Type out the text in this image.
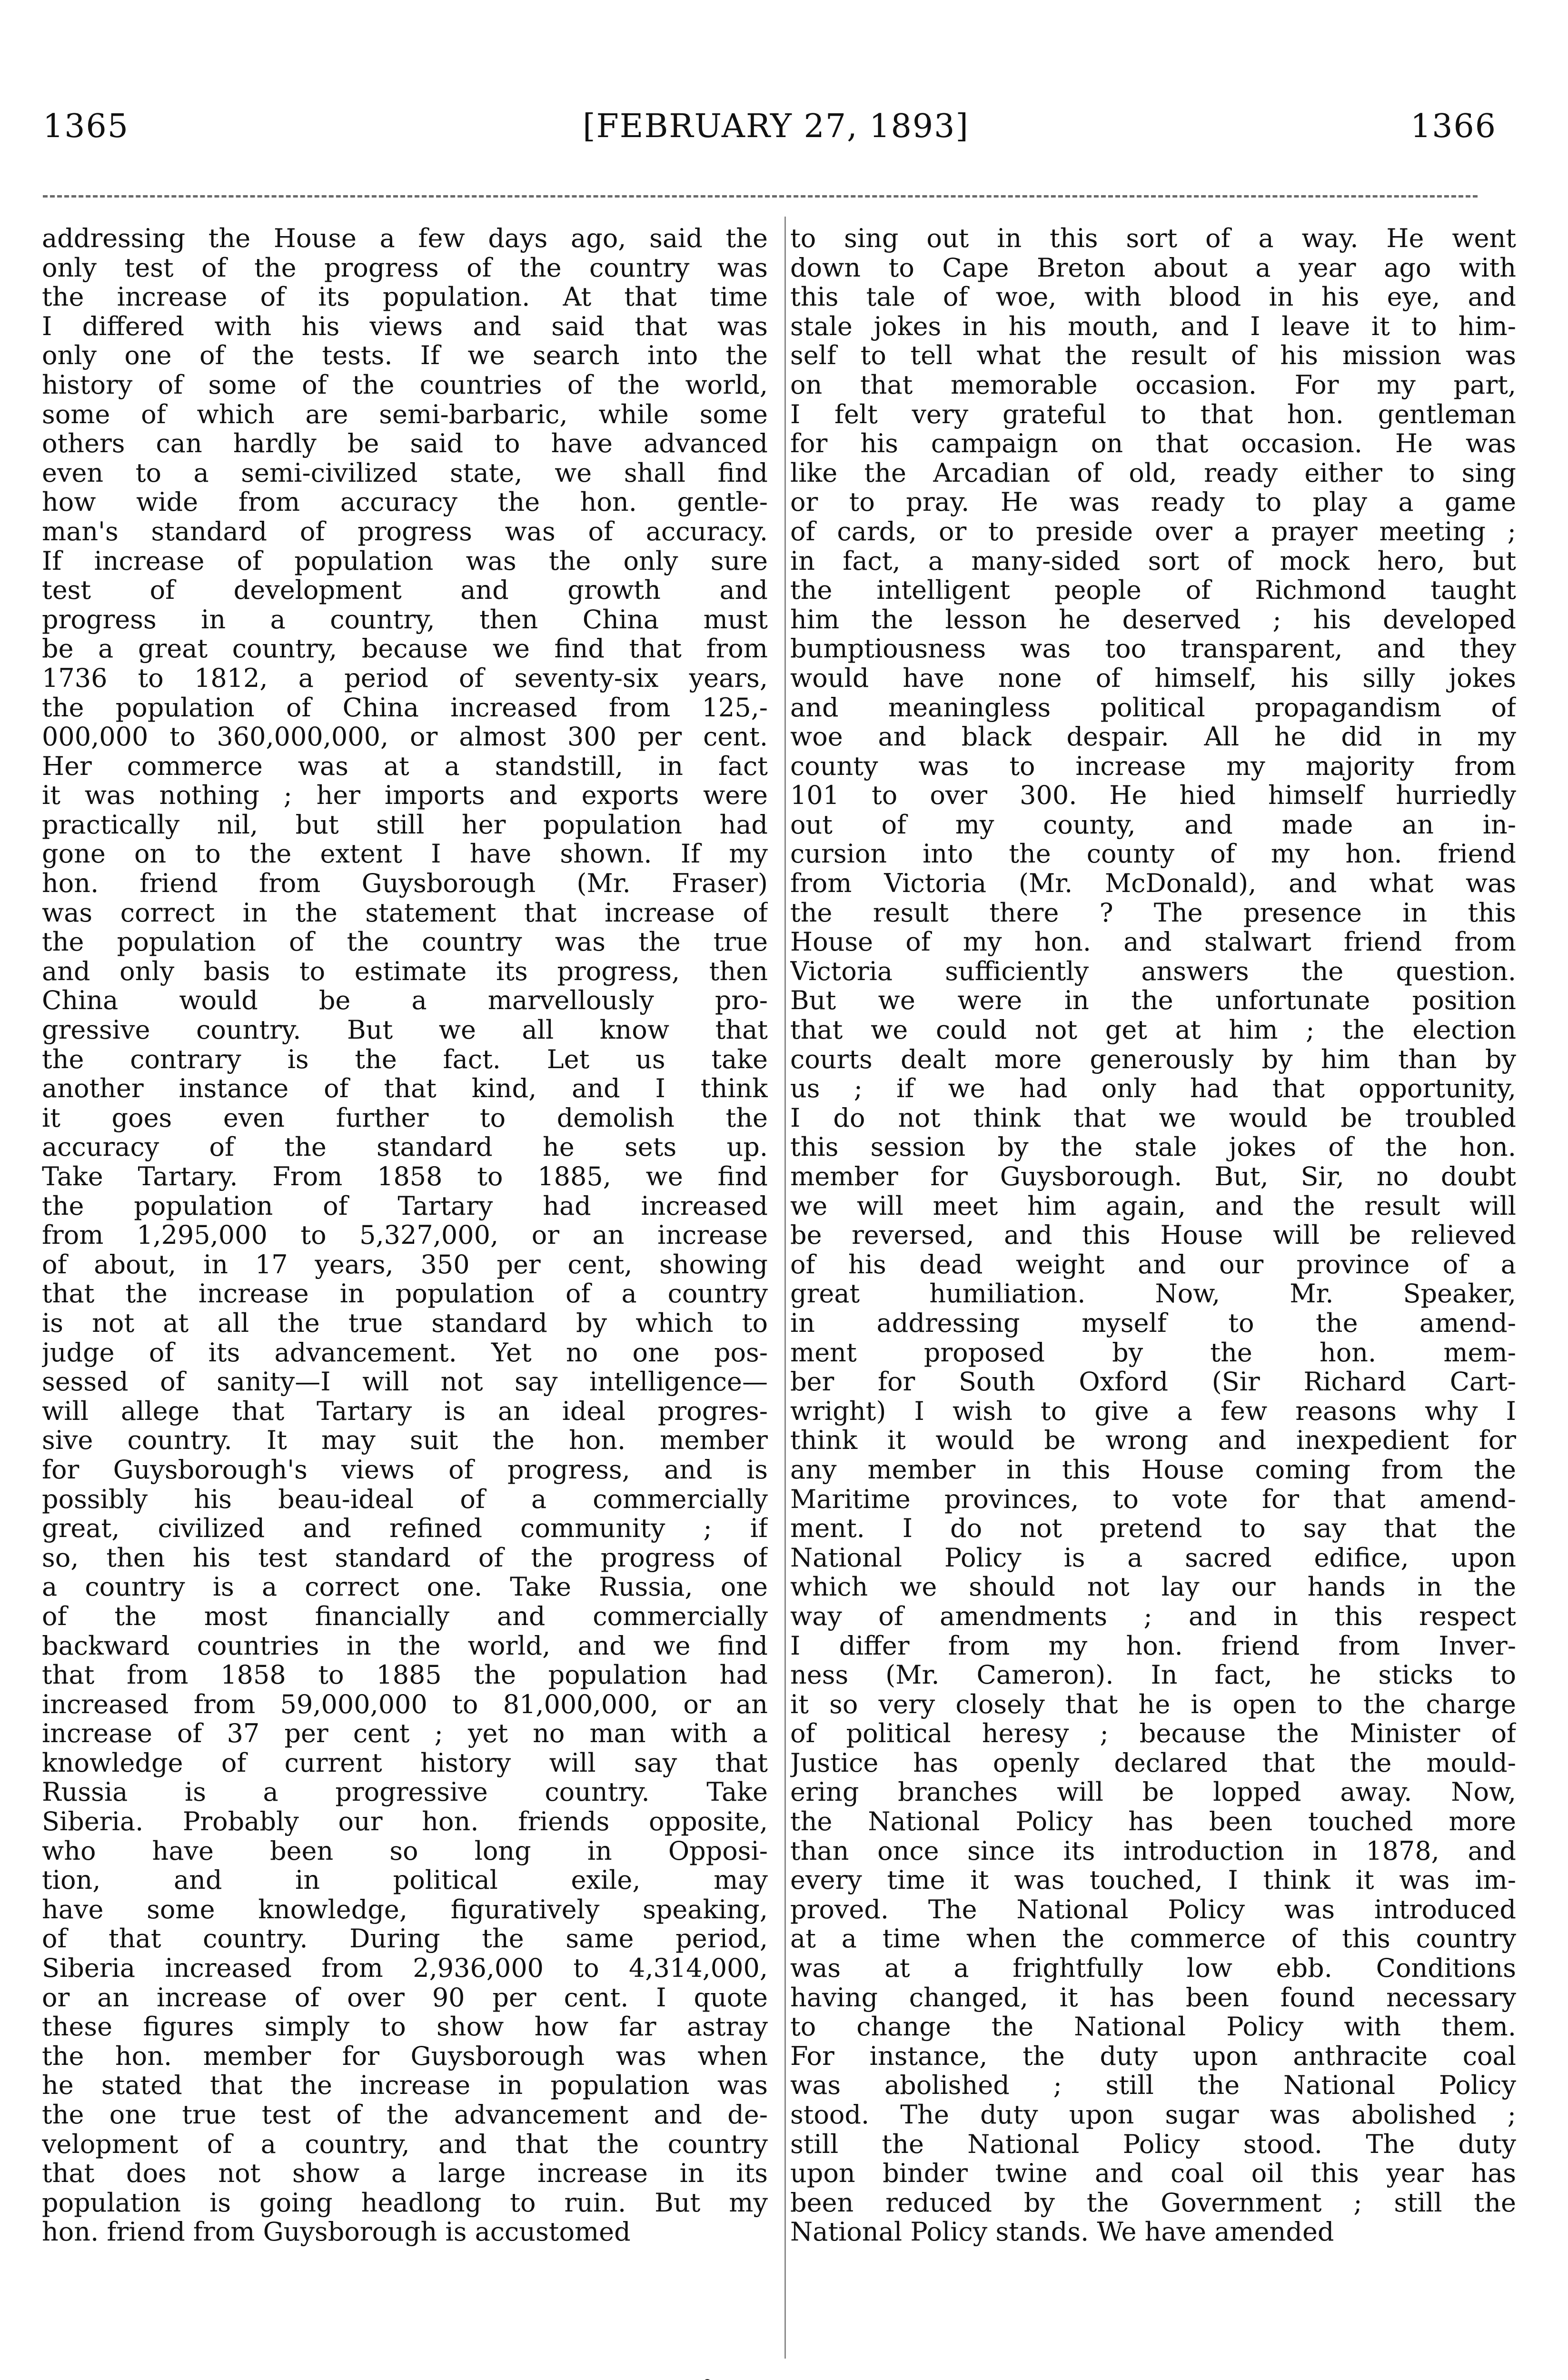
1365	[FEBRUARY 27, 1893]	1366
addressing the House a few days ago, said the
only test of the progress of the country was
the increase of its population. At that time
I differed with his views and said that was
only one of the tests. If we search into the
history of some of the countries of the world,
some of which are semi-barbaric, while some
others can hardly be said to have advanced
even to a semi-civilized state, we shall find
how wide from accuracy the hon. gentle-
man's standard of progress was of accuracy.
If increase of population was the only sure
test of development and growth and
progress in a country, then China must
be a great country, because we find that from
1736 to 1812, a period of seventy-six years,
the population of China increased from 125,-
000,000 to 360,000,000, or almost 300 per cent.
Her commerce was at a standstill, in fact
it was nothing ; her imports and exports were
practically nil, but still her population had
gone on to the extent I have shown. If my
hon. friend from Guysborough (Mr. Fraser)
was correct in the statement that increase of
the population of the country was the true
and only basis to estimate its progress, then
China would be a marvellously pro-
gressive country. But we all know that
the contrary is the fact. Let us take
another instance of that kind, and I think
it goes even further to demolish the
accuracy of the standard he sets up.
Take Tartary. From 1858 to 1885, we find
the population of Tartary had increased
from 1,295,000 to 5,327,000, or an increase
of about, in 17 years, 350 per cent, showing
that the increase in population of a country
is not at all the true standard by which to
judge of its advancement. Yet no one pos-
sessed of sanity—I will not say intelligence—
will allege that Tartary is an ideal progres-
sive country. It may suit the hon. member
for Guysborough's views of progress, and is
possibly his beau-ideal of a commercially
great, civilized and refined community ; if
so, then his test standard of the progress of
a country is a correct one. Take Russia, one
of the most financially and commercially
backward countries in the world, and we find
that from 1858 to 1885 the population had
increased from 59,000,000 to 81,000,000, or an
increase of 37 per cent ; yet no man with a
knowledge of current history will say that
Russia is a progressive country. Take
Siberia. Probably our hon. friends opposite,
who have been so long in Opposi-
tion, and in political exile, may
have some knowledge, figuratively speaking,
of that country. During the same period,
Siberia increased from 2,936,000 to 4,314,000,
or an increase of over 90 per cent. I quote
these figures simply to show how far astray
the hon. member for Guysborough was when
he stated that the increase in population was
the one true test of the advancement and de-
velopment of a country, and that the country
that does not show a large increase in its
population is going headlong to ruin. But my
hon. friend from Guysborough is accustomed
to sing out in this sort of a way. He went
down to Cape Breton about a year ago with
this tale of woe, with blood in his eye, and
stale jokes in his mouth, and I leave it to him-
self to tell what the result of his mission was
on that memorable occasion. For my part,
I felt very grateful to that hon. gentleman
for his campaign on that occasion. He was
like the Arcadian of old, ready either to sing
or to pray. He was ready to play a game
of cards, or to preside over a prayer meeting ;
in fact, a many-sided sort of mock hero, but
the intelligent people of Richmond taught
him the lesson he deserved ; his developed
bumptiousness was too transparent, and they
would have none of himself, his silly jokes
and meaningless political propagandism of
woe and black despair. All he did in my
county was to increase my majority from
101 to over 300. He hied himself hurriedly
out of my county, and made an in-
cursion into the county of my hon. friend
from Victoria (Mr. McDonald), and what was
the result there ? The presence in this
House of my hon. and stalwart friend from
Victoria sufficiently answers the question.
But we were in the unfortunate position
that we could not get at him ; the election
courts dealt more generously by him than by
us ; if we had only had that opportunity,
I do not think that we would be troubled
this session by the stale jokes of the hon.
member for Guysborough. But, Sir, no doubt
we will meet him again, and the result will
be reversed, and this House will be relieved
of his dead weight and our province of a
great humiliation. Now, Mr. Speaker,
in addressing myself to the amend-
ment proposed by the hon. mem-
ber for South Oxford (Sir Richard Cart-
wright) I wish to give a few reasons why I
think it would be wrong and inexpedient for
any member in this House coming from the
Maritime provinces, to vote for that amend-
ment. I do not pretend to say that the
National Policy is a sacred edifice, upon
which we should not lay our hands in the
way of amendments ; and in this respect
I differ from my hon. friend from Inver-
ness (Mr. Cameron). In fact, he sticks to
it so very closely that he is open to the charge
of political heresy ; because the Minister of
Justice has openly declared that the mould-
ering branches will be lopped away. Now,
the National Policy has been touched more
than once since its introduction in 1878, and
every time it was touched, I think it was im-
proved. The National Policy was introduced
at a time when the commerce of this country
was at a frightfully low ebb. Conditions
having changed, it has been found necessary
to change the National Policy with them.
For instance, the duty upon anthracite coal
was abolished ; still the National Policy
stood. The duty upon sugar was abolished ;
still the National Policy stood. The duty
upon binder twine and coal oil this year has
been reduced by the Government ; still the
National Policy stands. We have amended
